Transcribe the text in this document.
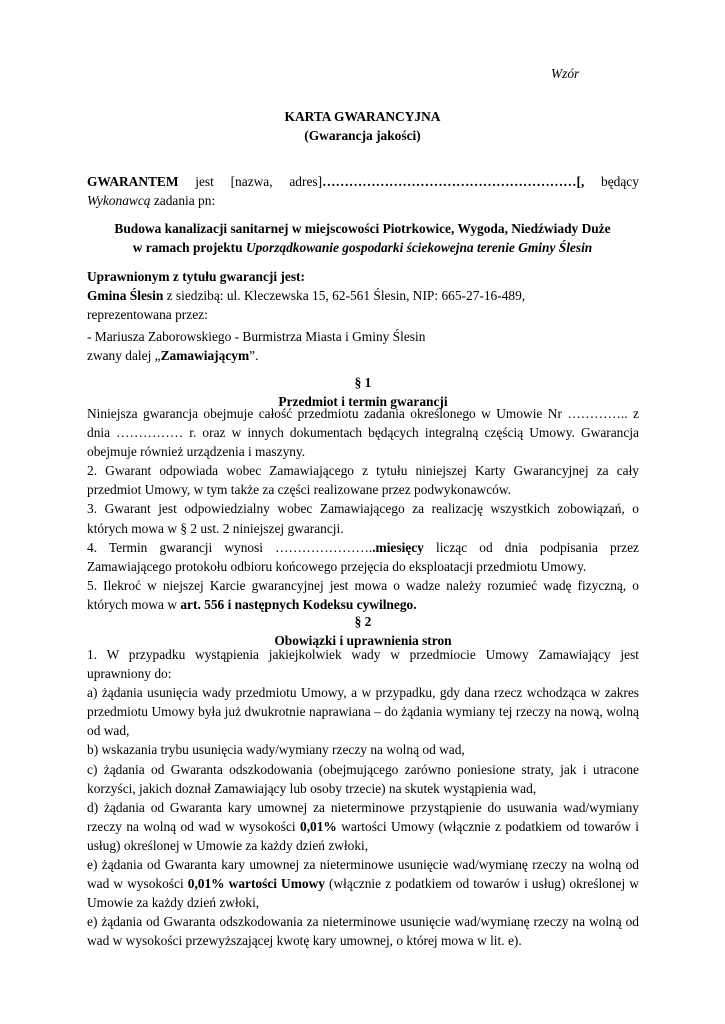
Wzór
KARTA GWARANCYJNA
(Gwarancja jakości)
GWARANTEM jest [nazwa, adres]…………………………………………………[, będący
Wykonawcą zadania pn:
Budowa kanalizacji sanitarnej w miejscowości Piotrkowice, Wygoda, Niedźwiady Duże
w ramach projektu Uporządkowanie gospodarki ściekowejna terenie Gminy Ślesin
Uprawnionym z tytułu gwarancji jest:
Gmina Ślesin z siedzibą: ul. Kleczewska 15, 62-561 Ślesin, NIP: 665-27-16-489,
reprezentowana przez:
- Mariusza Zaborowskiego - Burmistrza Miasta i Gminy Ślesin
zwany dalej „Zamawiającym”.
§ 1
Przedmiot i termin gwarancji

Niniejsza gwarancja obejmuje całość przedmiotu zadania określonego w Umowie Nr ………….. z dnia …………… r. oraz w innych dokumentach będących integralną częścią Umowy. Gwarancja obejmuje również urządzenia i maszyny.

2. Gwarant odpowiada wobec Zamawiającego z tytułu niniejszej Karty Gwarancyjnej za cały przedmiot Umowy, w tym także za części realizowane przez podwykonawców.

3. Gwarant jest odpowiedzialny wobec Zamawiającego za realizację wszystkich zobowiązań, o których mowa w § 2 ust. 2 niniejszej gwarancji.

4. Termin gwarancji wynosi …………………..miesięcy licząc od dnia podpisania przez Zamawiającego protokołu odbioru końcowego przejęcia do eksploatacji przedmiotu Umowy.

5. Ilekroć w niejszej Karcie gwarancyjnej jest mowa o wadze należy rozumieć wadę fizyczną, o których mowa w art. 556 i następnych Kodeksu cywilnego.

§ 2
Obowiązki i uprawnienia stron

1. W przypadku wystąpienia jakiejkolwiek wady w przedmiocie Umowy Zamawiający jest uprawniony do:

a) żądania usunięcia wady przedmiotu Umowy, a w przypadku, gdy dana rzecz wchodząca w zakres przedmiotu Umowy była już dwukrotnie naprawiana – do żądania wymiany tej rzeczy na nową, wolną od wad,

b) wskazania trybu usunięcia wady/wymiany rzeczy na wolną od wad,

c) żądania od Gwaranta odszkodowania (obejmującego zarówno poniesione straty, jak i utracone korzyści, jakich doznał Zamawiający lub osoby trzecie) na skutek wystąpienia wad,

d) żądania od Gwaranta kary umownej za nieterminowe przystąpienie do usuwania wad/wymiany rzeczy na wolną od wad w wysokości 0,01% wartości Umowy (włącznie z podatkiem od towarów i usług) określonej w Umowie za każdy dzień zwłoki,

e) żądania od Gwaranta kary umownej za nieterminowe usunięcie wad/wymianę rzeczy na wolną od wad w wysokości 0,01% wartości Umowy (włącznie z podatkiem od towarów i usług) określonej w Umowie za każdy dzień zwłoki,

e) żądania od Gwaranta odszkodowania za nieterminowe usunięcie wad/wymianę rzeczy na wolną od wad w wysokości przewyższającej kwotę kary umownej, o której mowa w lit. e).
